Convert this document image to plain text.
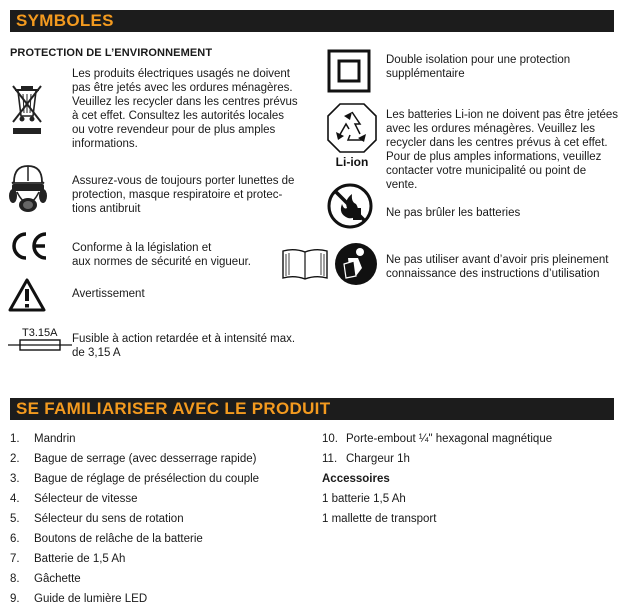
SYMBOLES
SE FAMILIARISER AVEC LE PRODUIT
PROTECTION DE L’ENVIRONNEMENT
T3.15A
Les produits électriques usagés ne doivent
pas être jetés avec les ordures ménagères.
Veuillez les recycler dans les centres prévus
à cet effet. Consultez les autorités locales
ou votre revendeur pour de plus amples
informations.
Assurez-vous de toujours porter lunettes de
protection, masque respiratoire et protec-
tions antibruit
Conforme à la législation et
aux normes de sécurité en vigueur.
Avertissement
Fusible à action retardée et à intensité max.
de 3,15 A
Li-ion
Double isolation pour une protection
supplémentaire
Les batteries Li-ion ne doivent pas être jetées
avec les ordures ménagères. Veuillez les
recycler dans les centres prévus à cet effet.
Pour de plus amples informations, veuillez
contacter votre municipalité ou point de
vente.
Ne pas brûler les batteries
Ne pas utiliser avant d’avoir pris pleinement
connaissance des instructions d’utilisation
1. Mandrin
2. Bague de serrage (avec desserrage rapide)
3. Bague de réglage de présélection du couple
4. Sélecteur de vitesse
5. Sélecteur du sens de rotation
6. Boutons de relâche de la batterie
7. Batterie de 1,5 Ah
8. Gâchette
9. Guide de lumière LED
10. Porte-embout ¼" hexagonal magnétique
11. Chargeur 1h
Accessoires
1 batterie 1,5 Ah
1 mallette de transport
